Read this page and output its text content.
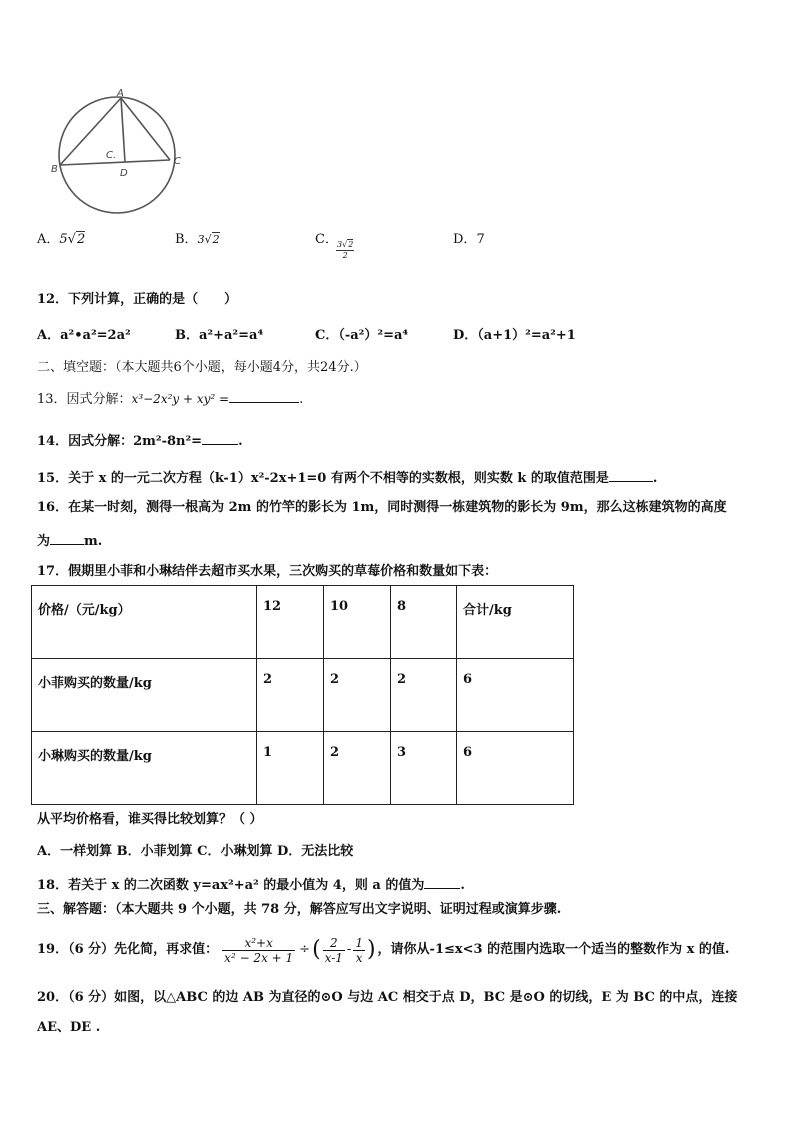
A
B
C
D
C.
A．5√2	B．3√2	C． 3√2
2
D．7
12．下列计算，正确的是（　　）
A．a²•a²=2a²	B．a²+a²=a⁴	C．（-a²）²=a⁴	D．（a+1）²=a²+1
二、填空题：（本大题共6个小题，每小题4分，共24分.）
13．因式分解：x³−2x²y + xy² =	.
14．因式分解：2m²-8n²=	.
15．关于 x 的一元二次方程（k-1）x²-2x+1=0 有两个不相等的实数根，则实数 k 的取值范围是	.
16．在某一时刻，测得一根高为 2m 的竹竿的影长为 1m，同时测得一栋建筑物的影长为 9m，那么这栋建筑物的高度
为	m.
17．假期里小菲和小琳结伴去超市买水果，三次购买的草莓价格和数量如下表：
价格/（元/kg）	12	10	8	合计/kg
小菲购买的数量/kg	2	2	2	6
小琳购买的数量/kg	1	2	3	6
从平均价格看，谁买得比较划算？（ ）
A．一样划算 B．小菲划算 C．小琳划算 D．无法比较
18．若关于 x 的二次函数 y=ax²+a² 的最小值为 4，则 a 的值为	.
三、解答题：（本大题共 9 个小题，共 78 分，解答应写出文字说明、证明过程或演算步骤.
19．（6 分）先化简，再求值： $\frac{\text{x²+x}}{\text{x² − 2x + 1}}$ ÷ ( $\frac{2}{x-1} - \frac{1}{x}$ ) ，请你从-1≤x<3 的范围内选取一个适当的整数作为 x 的值.
20．（6 分）如图，以△ABC 的边 AB 为直径的⊙O 与边 AC 相交于点 D，BC 是⊙O 的切线，E 为 BC 的中点，连接
AE、DE .
